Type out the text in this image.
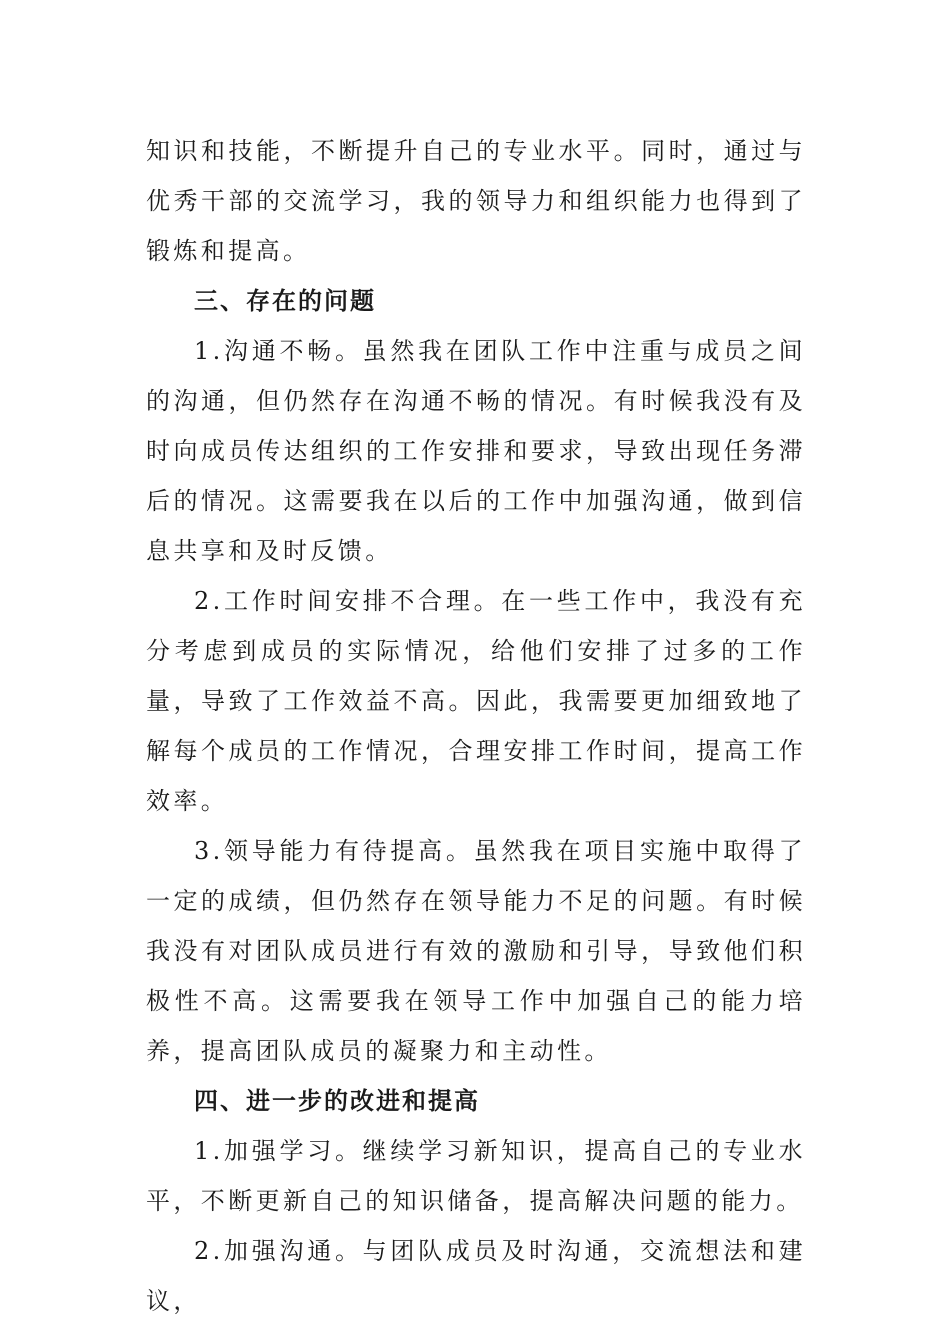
知识和技能，不断提升自己的专业水平。同时，通过与优秀干部的交流学习，我的领导力和组织能力也得到了锻炼和提高。

三、存在的问题

1.沟通不畅。虽然我在团队工作中注重与成员之间的沟通，但仍然存在沟通不畅的情况。有时候我没有及时向成员传达组织的工作安排和要求，导致出现任务滞后的情况。这需要我在以后的工作中加强沟通，做到信息共享和及时反馈。

2.工作时间安排不合理。在一些工作中，我没有充分考虑到成员的实际情况，给他们安排了过多的工作量，导致了工作效益不高。因此，我需要更加细致地了解每个成员的工作情况，合理安排工作时间，提高工作效率。

3.领导能力有待提高。虽然我在项目实施中取得了一定的成绩，但仍然存在领导能力不足的问题。有时候我没有对团队成员进行有效的激励和引导，导致他们积极性不高。这需要我在领导工作中加强自己的能力培养，提高团队成员的凝聚力和主动性。

四、进一步的改进和提高

1.加强学习。继续学习新知识，提高自己的专业水平，不断更新自己的知识储备，提高解决问题的能力。

2.加强沟通。与团队成员及时沟通，交流想法和建议，
